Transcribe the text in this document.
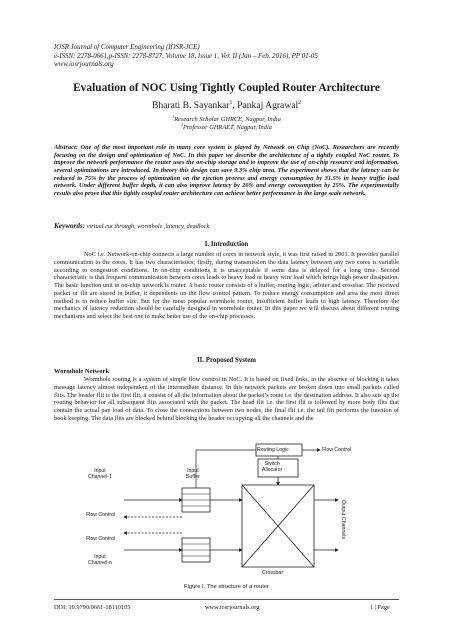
IOSR Journal of Computer Engineering (IOSR-JCE)
e-ISSN: 2278-0661,p-ISSN: 2278-8727, Volume 18, Issue 1, Ver. II (Jan – Feb. 2016), PP 01-05
www.iosrjournals.org
Evaluation of NOC Using Tightly Coupled Router Architecture
Bharati B. Sayankar$^1$, Pankaj Agrawal$^2$
$^1$Research Scholar GHRCE, Nagpur, India
$^2$Professor GHRAET, Nagpur, India
Abstract: One of the most important role in many core system is played by Network on Chip (NoC). Researchers are recently focusing on the design and optimization of NoC. In this paper we describe the architecture of a tightly coupled NoC router. To improve the network performance the router uses the on-chip storage and to improve the use of on-chip resource and information, several optimizations are introduced. In theory this design can save 9.3% chip area. The experiment shows that the latency can be reduced to 75% by the process of optimization on the ejection process and energy consumption by 31.5% in heavy traffic load network. Under different buffer depth, it can also improve latency by 20% and energy consumption by 25%. The experimentally results also prove that this tightly coupled router architecture can achieve better performance in the large scale network.
Keywords: virtual cut through, wormhole ,latency, deadlock
I. Introduction
NoC i.e. Network-on-chip connects a large number of cores in network style, it was first raised in 2001. It provides parallel communication to the cores. It has two characteristics; firstly, during transmission the data latency between any two cores is variable according to congestion conditions. In on-chip conditions it is unacceptable if some data is delayed for a long time. Second characteristic is that frequent communication between cores leads to heavy load or heavy wire load which brings high power dissipation. The basic function unit in on-chip network is router. A basic router consists of a buffer, routing logic, arbiter and crossbar. The received packet or flit are stored in buffer, it dependents on the flow control pattern. To reduce energy consumption and area the most direct method is to reduce buffer size. But for the most popular wormhole router, insufficient buffer leads to high latency. Therefore the mechanics of latency reduction should be carefully designed in wormhole router. In this paper we will discuss about different routing mechanisms and select the best one to make better use of the on-chip processes.
II. Proposed System
Wormhole Network
Wormhole routing is a system of simple flow control in NoC. It is based on fixed links, in the absence of blocking it takes message latency almost independent of the intermediate distance. In this network packets are broken down into small packets called flits. The header flit is the first flit, it consist of all the information about the packet’s route i.e. the destination address. It also sets up the routing behavior for all subsequent flits associated with the packet. The head flit i.e. the first flit is followed by more body flits that contain the actual pay load of data. To close the connections between two nodes, the final flit i.e. the tail flit performs the function of book keeping. The data flits are blocked behind blocking the header occupying all the channels and the
Routing Logic	Flow Control
Switch
Allocator
Input
Channel-1
Input
Buffer
Flow Control
Flow Control
Input
Channel-n
Output Channels
Crossbar
Figure I. The structure of a router
DOI: 10.9790/0661-18110105	www.iosrjournals.org	1 | Page
